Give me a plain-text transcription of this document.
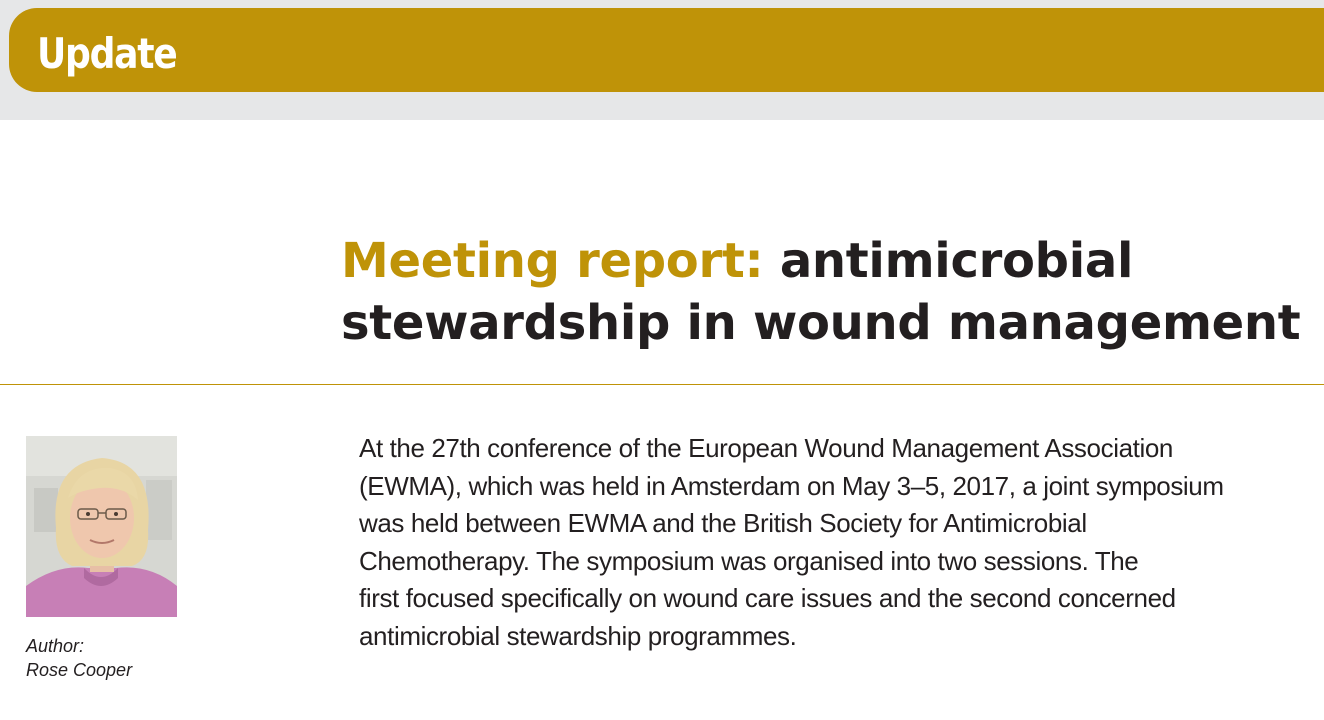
Update
Meeting report: antimicrobial stewardship in wound management
Author:
Rose Cooper

At the 27th conference of the European Wound Management Association
(EWMA), which was held in Amsterdam on May 3–5, 2017, a joint symposium
was held between EWMA and the British Society for Antimicrobial
Chemotherapy. The symposium was organised into two sessions. The
first focused specifically on wound care issues and the second concerned
antimicrobial stewardship programmes.
